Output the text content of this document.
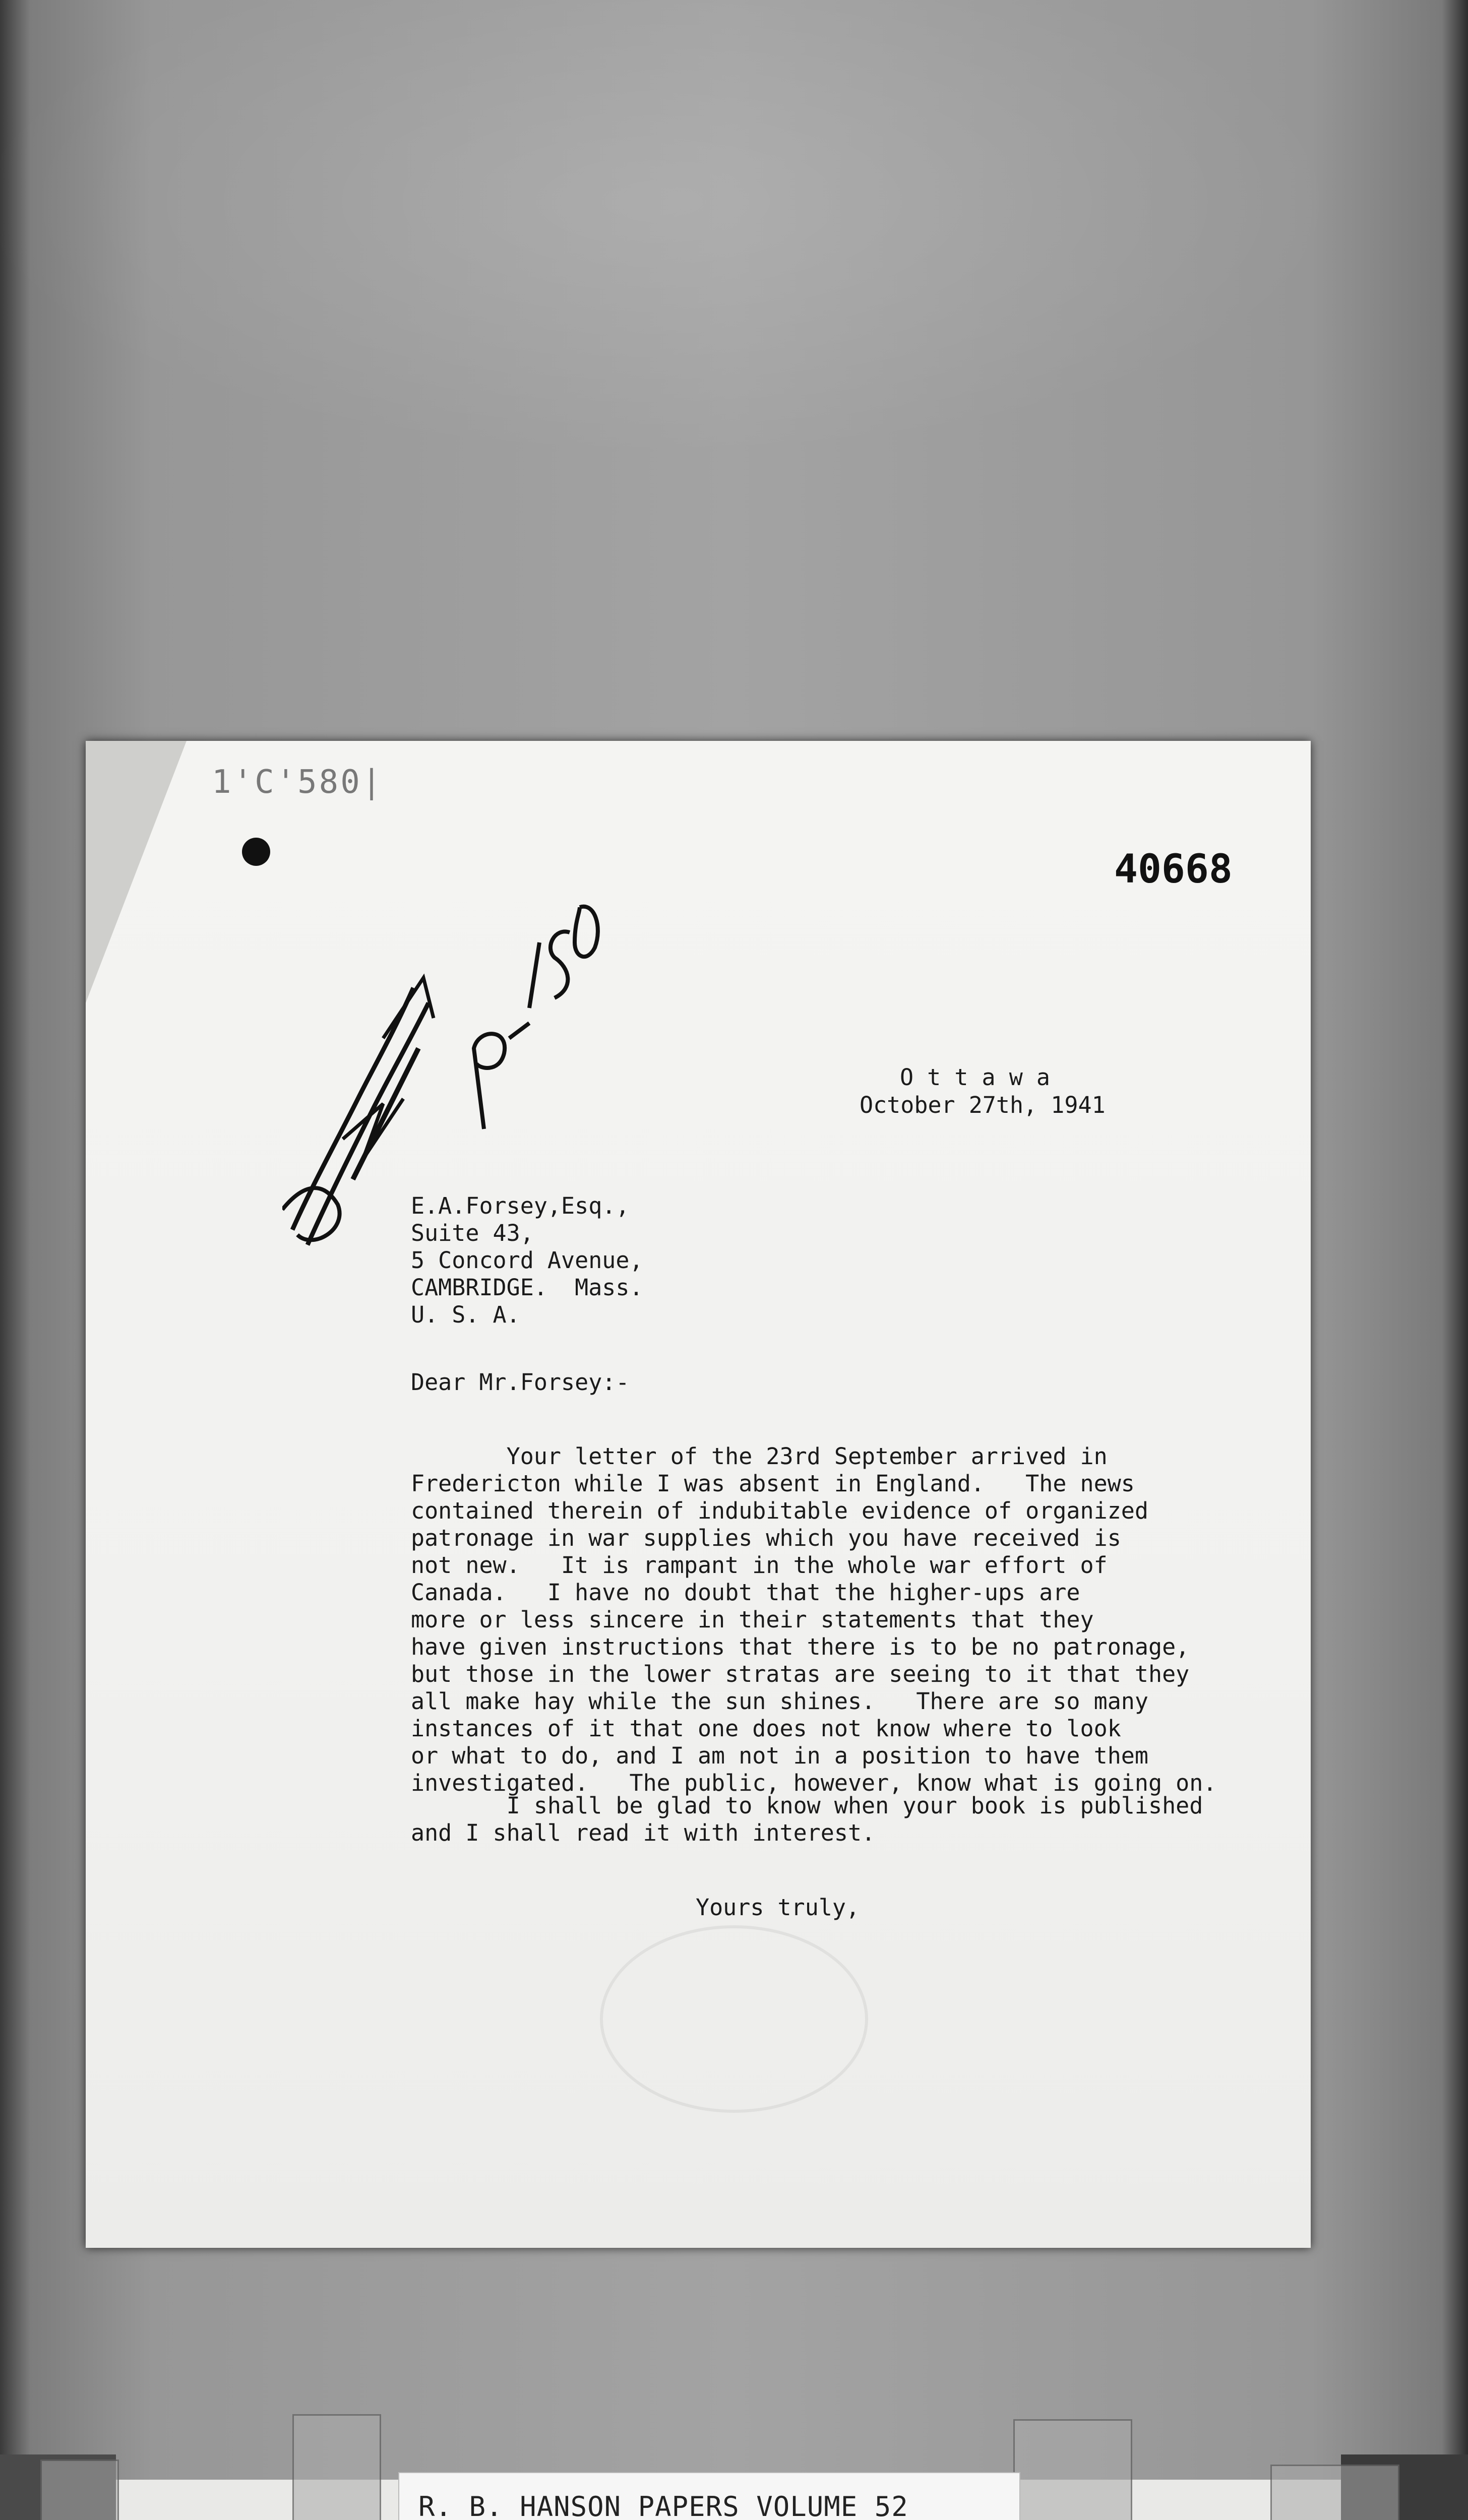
1'C'580|
40668
O t t a w a
October 27th, 1941
E.A.Forsey,Esq.,
Suite 43,
5 Concord Avenue,
CAMBRIDGE.  Mass.
U. S. A.
Dear Mr.Forsey:-
Your letter of the 23rd September arrived in
Fredericton while I was absent in England.   The news
contained therein of indubitable evidence of organized
patronage in war supplies which you have received is
not new.   It is rampant in the whole war effort of
Canada.   I have no doubt that the higher-ups are
more or less sincere in their statements that they
have given instructions that there is to be no patronage,
but those in the lower stratas are seeing to it that they
all make hay while the sun shines.   There are so many
instances of it that one does not know where to look
or what to do, and I am not in a position to have them
investigated.   The public, however, know what is going on.
I shall be glad to know when your book is published
and I shall read it with interest.
Yours truly,
R. B. HANSON PAPERS VOLUME 52
